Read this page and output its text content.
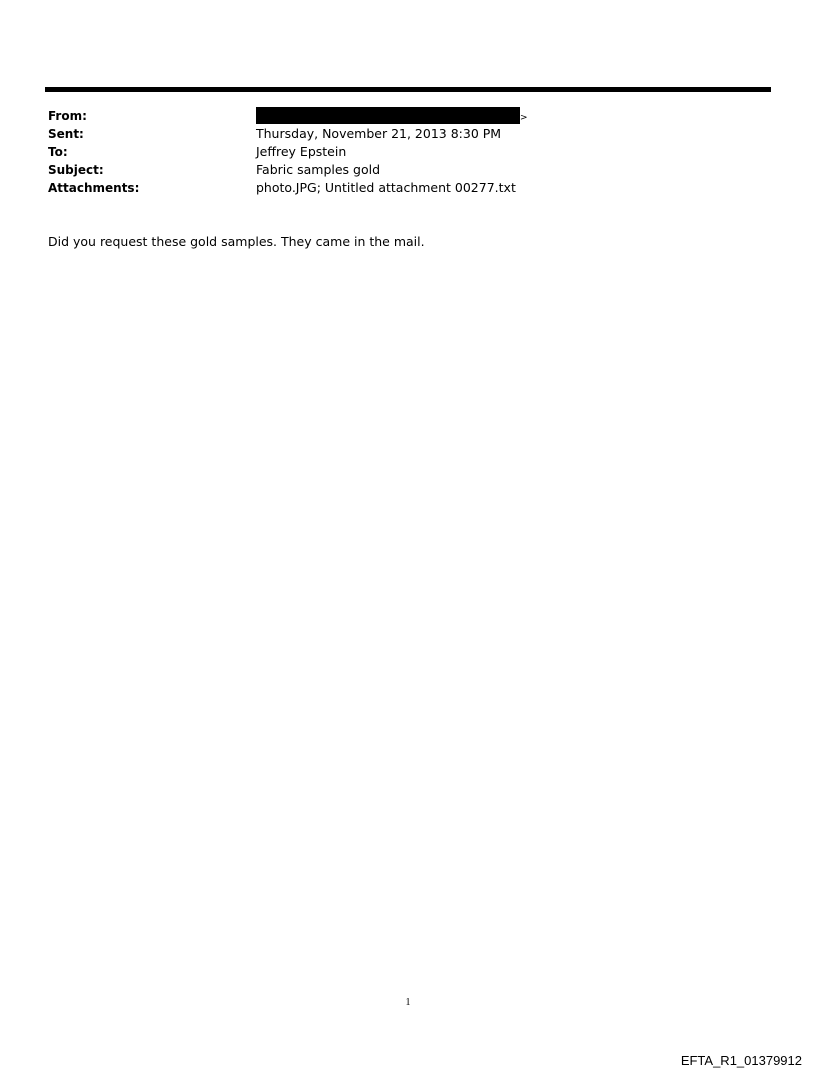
From:	>
Sent:	Thursday, November 21, 2013 8:30 PM
To:	Jeffrey Epstein
Subject:	Fabric samples gold
Attachments:	photo.JPG; Untitled attachment 00277.txt
Did you request these gold samples. They came in the mail.
1
EFTA_R1_01379912
